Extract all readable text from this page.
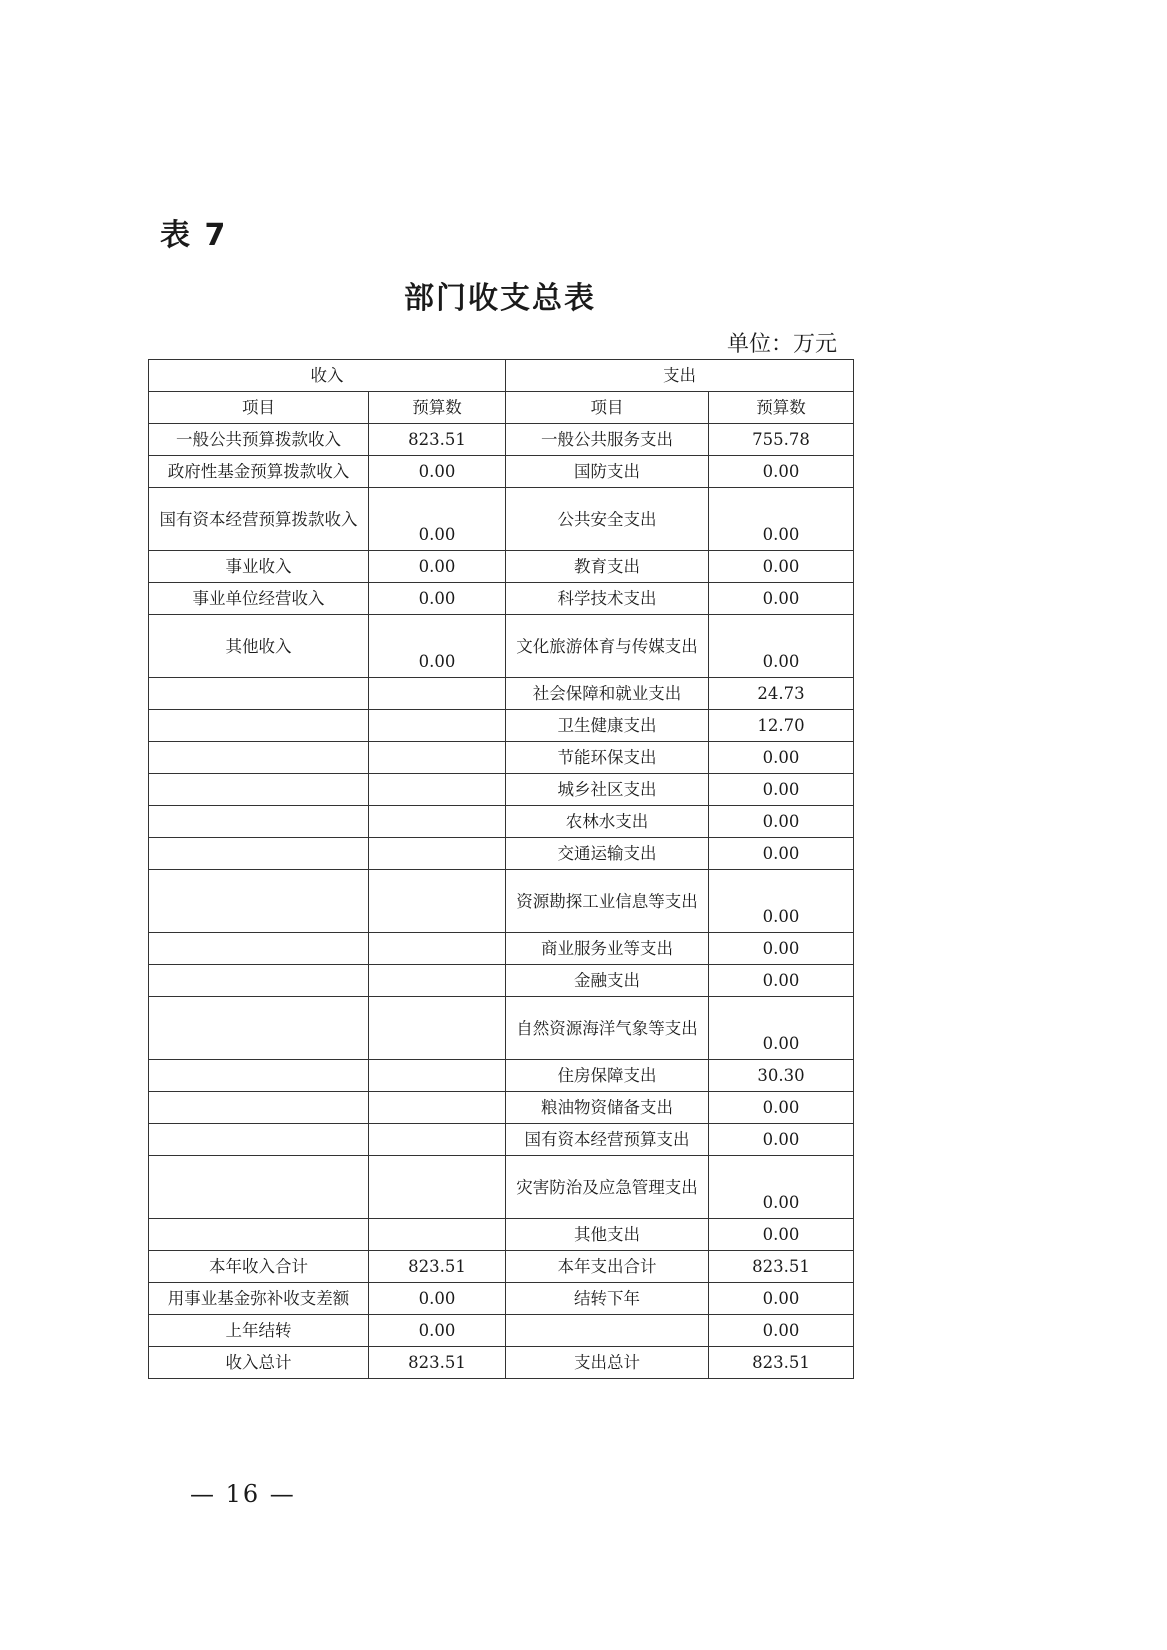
表 7
部门收支总表
单位：万元
收入		支出	
项目	预算数	项目	预算数
一般公共预算拨款收入	823.51	一般公共服务支出	755.78
政府性基金预算拨款收入	0.00	国防支出	0.00
国有资本经营预算拨款收入	0.00	公共安全支出	0.00
事业收入	0.00	教育支出	0.00
事业单位经营收入	0.00	科学技术支出	0.00
其他收入	0.00	文化旅游体育与传媒支出	0.00
		社会保障和就业支出	24.73
		卫生健康支出	12.70
		节能环保支出	0.00
		城乡社区支出	0.00
		农林水支出	0.00
		交通运输支出	0.00
		资源勘探工业信息等支出	0.00
		商业服务业等支出	0.00
		金融支出	0.00
		自然资源海洋气象等支出	0.00
		住房保障支出	30.30
		粮油物资储备支出	0.00
		国有资本经营预算支出	0.00
		灾害防治及应急管理支出	0.00
		其他支出	0.00
本年收入合计	823.51	本年支出合计	823.51
用事业基金弥补收支差额	0.00	结转下年	0.00
上年结转	0.00		0.00
收入总计	823.51	支出总计	823.51
— 16 —
